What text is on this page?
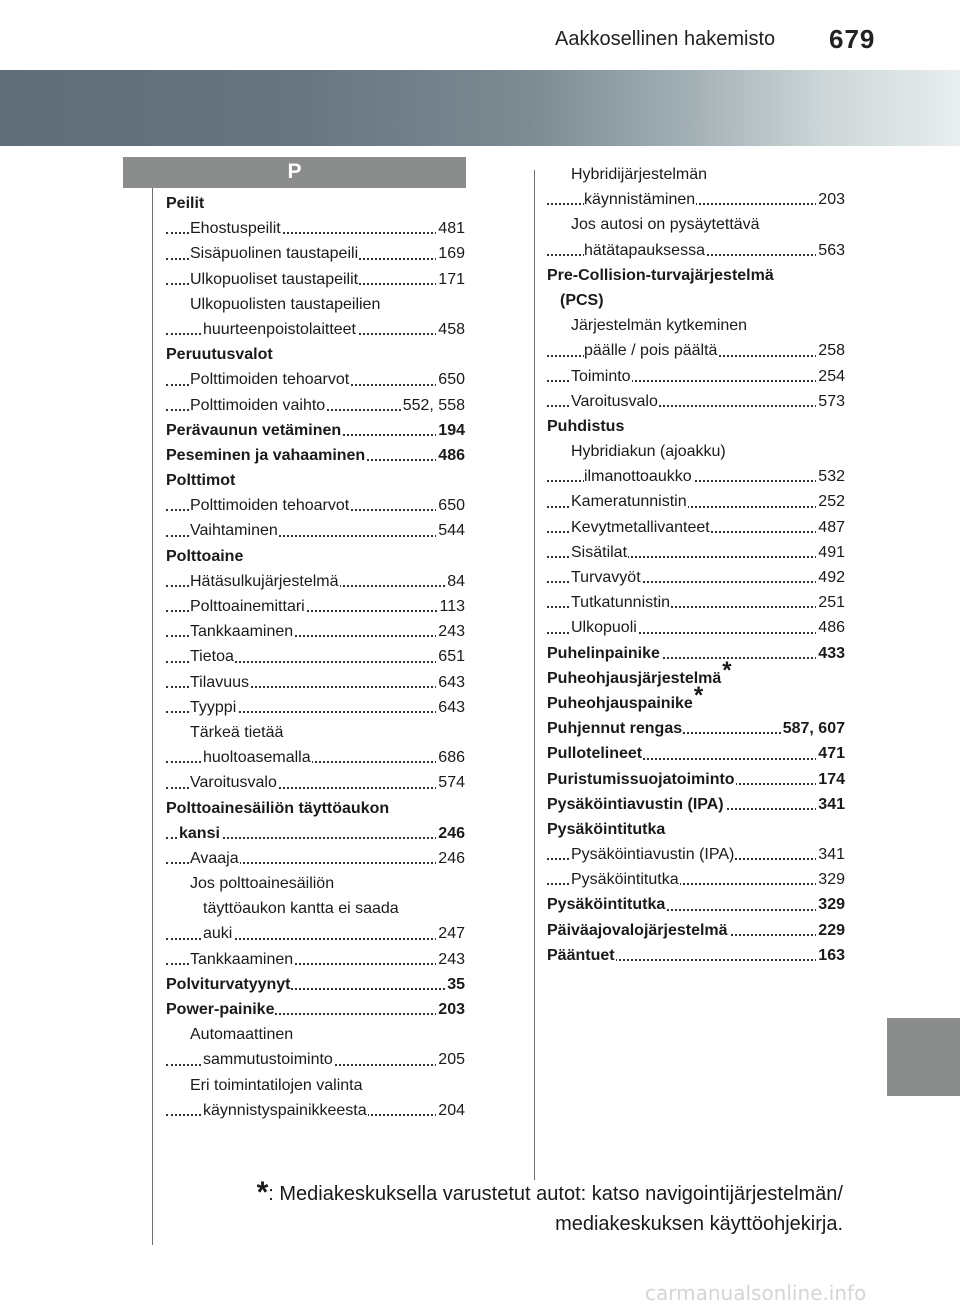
Aakkosellinen hakemisto 679
P
Peilit
Ehostuspeilit	481
Sisäpuolinen taustapeili	169
Ulkopuoliset taustapeilit	171
Ulkopuolisten taustapeilien
huurteenpoistolaitteet	458
Peruutusvalot
Polttimoiden tehoarvot	650
Polttimoiden vaihto	552, 558
Perävaunun vetäminen	194
Peseminen ja vahaaminen	486
Polttimot
Polttimoiden tehoarvot	650
Vaihtaminen	544
Polttoaine
Hätäsulkujärjestelmä	84
Polttoainemittari	113
Tankkaaminen	243
Tietoa	651
Tilavuus	643
Tyyppi	643
Tärkeä tietää
huoltoasemalla	686
Varoitusvalo	574
Polttoainesäiliön täyttöaukon
kansi	246
Avaaja	246
Jos polttoainesäiliön
täyttöaukon kantta ei saada
auki	247
Tankkaaminen	243
Polviturvatyynyt	35
Power-painike	203
Automaattinen
sammutustoiminto	205
Eri toimintatilojen valinta
käynnistyspainikkeesta	204
Hybridijärjestelmän
käynnistäminen	203
Jos autosi on pysäytettävä
hätätapauksessa	563
Pre-Collision-turvajärjestelmä
(PCS)
Järjestelmän kytkeminen
päälle / pois päältä	258
Toiminto	254
Varoitusvalo	573
Puhdistus
Hybridiakun (ajoakku)
ilmanottoaukko	532
Kameratunnistin	252
Kevytmetallivanteet	487
Sisätilat	491
Turvavyöt	492
Tutkatunnistin	251
Ulkopuoli	486
Puhelinpainike	433
Puheohjausjärjestelmä*
Puheohjauspainike*
Puhjennut rengas	587, 607
Pullotelineet	471
Puristumissuojatoiminto	174
Pysäköintiavustin (IPA)	341
Pysäköintitutka
Pysäköintiavustin (IPA)	341
Pysäköintitutka	329
Pysäköintitutka	329
Päiväajovalojärjestelmä	229
Pääntuet	163
*: Mediakeskuksella varustetut autot: katso navigointijärjestelmän/
mediakeskuksen käyttöohjekirja.
carmanualsonline.info
